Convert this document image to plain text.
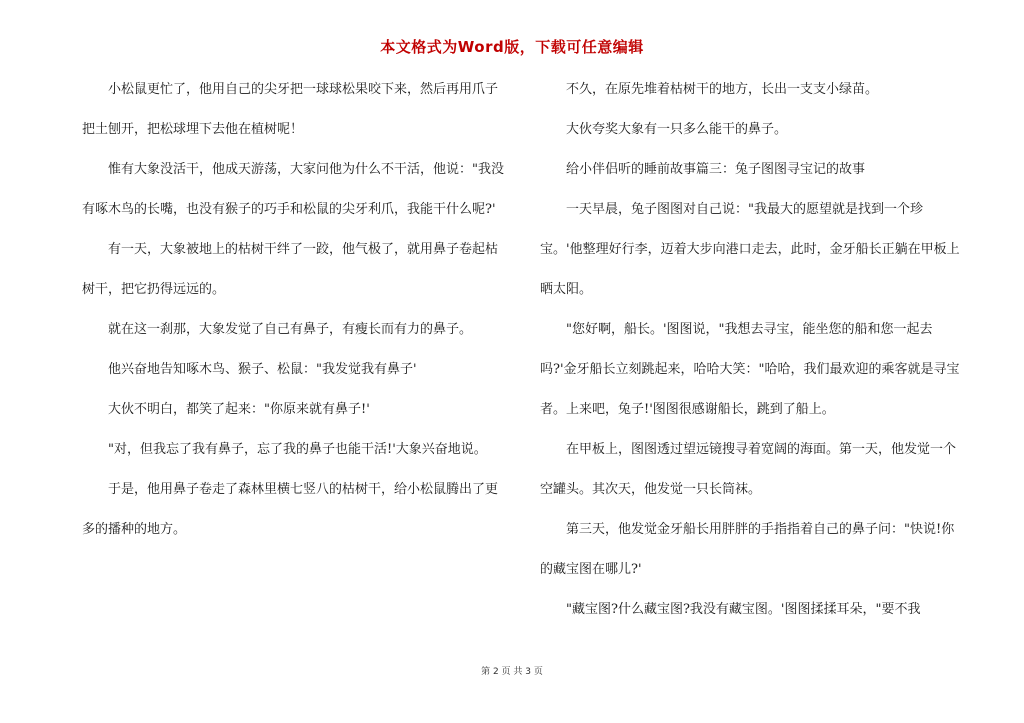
本文格式为Word版，下载可任意编辑

小松鼠更忙了，他用自己的尖牙把一球球松果咬下来，然后再用爪子把土刨开，把松球埋下去他在植树呢！

惟有大象没活干，他成天游荡，大家问他为什么不干活，他说："我没有啄木鸟的长嘴，也没有猴子的巧手和松鼠的尖牙利爪，我能干什么呢?'

有一天，大象被地上的枯树干绊了一跤，他气极了，就用鼻子卷起枯树干，把它扔得远远的。

就在这一刹那，大象发觉了自己有鼻子，有瘦长而有力的鼻子。

他兴奋地告知啄木鸟、猴子、松鼠："我发觉我有鼻子'

大伙不明白，都笑了起来："你原来就有鼻子!'

"对，但我忘了我有鼻子，忘了我的鼻子也能干活!'大象兴奋地说。

于是，他用鼻子卷走了森林里横七竖八的枯树干，给小松鼠腾出了更多的播种的地方。

不久，在原先堆着枯树干的地方，长出一支支小绿苗。

大伙夸奖大象有一只多么能干的鼻子。

给小伴侣听的睡前故事篇三：兔子图图寻宝记的故事

一天早晨，兔子图图对自己说："我最大的愿望就是找到一个珍宝。'他整理好行李，迈着大步向港口走去，此时，金牙船长正躺在甲板上晒太阳。

"您好啊，船长。'图图说，"我想去寻宝，能坐您的船和您一起去吗?'金牙船长立刻跳起来，哈哈大笑："哈哈，我们最欢迎的乘客就是寻宝者。上来吧，兔子!'图图很感谢船长，跳到了船上。

在甲板上，图图透过望远镜搜寻着宽阔的海面。第一天，他发觉一个空罐头。其次天，他发觉一只长筒袜。

第三天，他发觉金牙船长用胖胖的手指指着自己的鼻子问："快说!你的藏宝图在哪儿?'

"藏宝图?什么藏宝图?我没有藏宝图。'图图揉揉耳朵，"要不我

第 2 页 共 3 页
